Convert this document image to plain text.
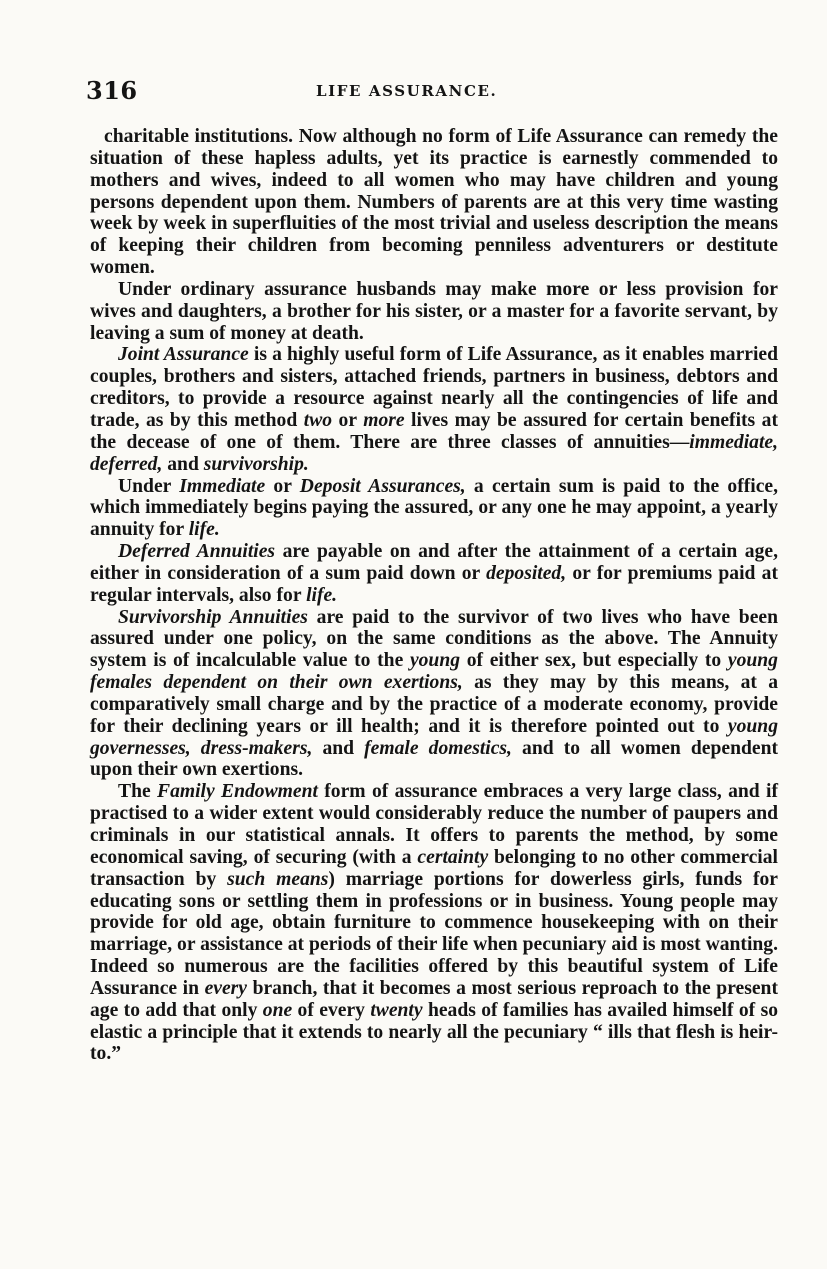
316	LIFE ASSURANCE.

charitable institutions. Now although no form of Life Assurance can remedy the situation of these hapless adults, yet its practice is earnestly commended to mothers and wives, indeed to all women who may have children and young persons dependent upon them. Numbers of parents are at this very time wasting week by week in superfluities of the most trivial and useless description the means of keeping their children from becoming penniless adventurers or destitute women.

Under ordinary assurance husbands may make more or less provision for wives and daughters, a brother for his sister, or a master for a favorite servant, by leaving a sum of money at death.

Joint Assurance is a highly useful form of Life Assurance, as it enables married couples, brothers and sisters, attached friends, partners in business, debtors and creditors, to provide a resource against nearly all the contingencies of life and trade, as by this method two or more lives may be assured for certain benefits at the decease of one of them. There are three classes of annuities—immediate, deferred, and survivorship.

Under Immediate or Deposit Assurances, a certain sum is paid to the office, which immediately begins paying the assured, or any one he may appoint, a yearly annuity for life.

Deferred Annuities are payable on and after the attainment of a certain age, either in consideration of a sum paid down or deposited, or for premiums paid at regular intervals, also for life.

Survivorship Annuities are paid to the survivor of two lives who have been assured under one policy, on the same conditions as the above. The Annuity system is of incalculable value to the young of either sex, but especially to young females dependent on their own exertions, as they may by this means, at a comparatively small charge and by the practice of a moderate economy, provide for their declining years or ill health; and it is therefore pointed out to young governesses, dress-makers, and female domestics, and to all women dependent upon their own exertions.

The Family Endowment form of assurance embraces a very large class, and if practised to a wider extent would considerably reduce the number of paupers and criminals in our statistical annals. It offers to parents the method, by some economical saving, of securing (with a certainty belonging to no other commercial transaction by such means) marriage portions for dowerless girls, funds for educating sons or settling them in professions or in business. Young people may provide for old age, obtain furniture to commence housekeeping with on their marriage, or assistance at periods of their life when pecuniary aid is most wanting. Indeed so numerous are the facilities offered by this beautiful system of Life Assurance in every branch, that it becomes a most serious reproach to the present age to add that only one of every twenty heads of families has availed himself of so elastic a principle that it extends to nearly all the pecuniary “ ills that flesh is heir-to.”
